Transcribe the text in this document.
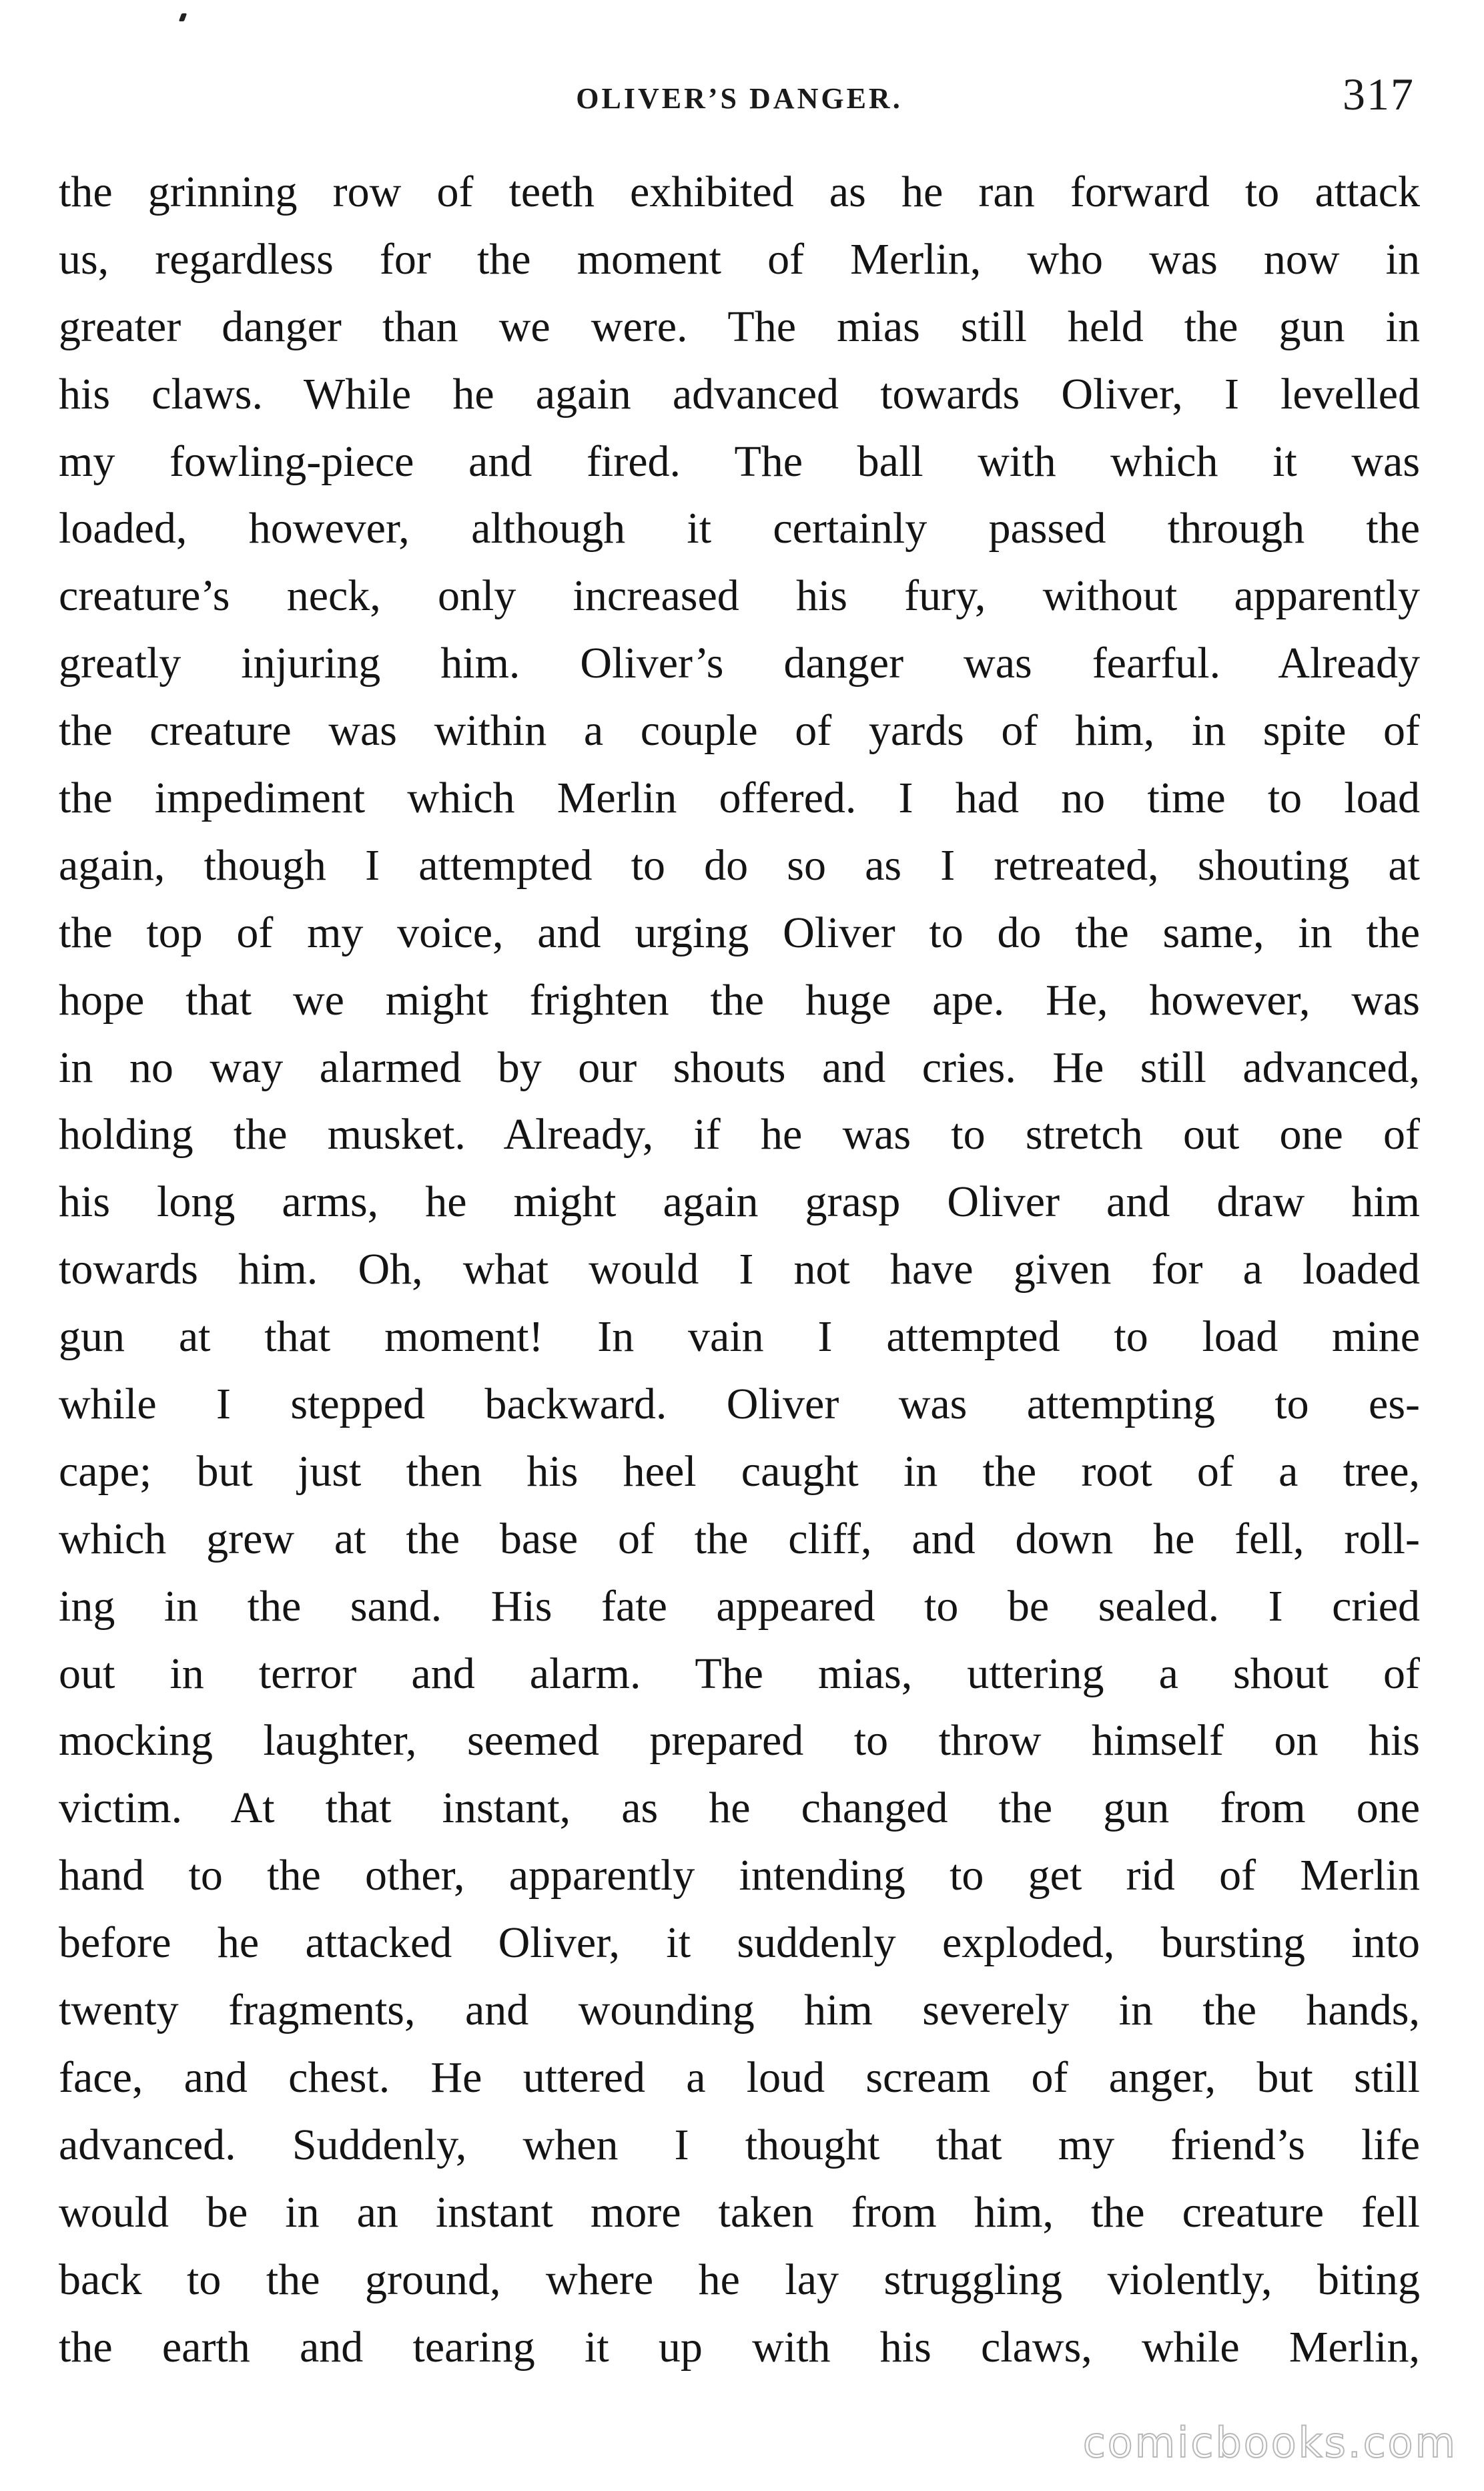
OLIVER’S DANGER.	317
the grinning row of teeth exhibited as he ran forward to attack
us, regardless for the moment of Merlin, who was now in
greater danger than we were. The mias still held the gun in
his claws. While he again advanced towards Oliver, I levelled
my fowling-piece and fired. The ball with which it was
loaded, however, although it certainly passed through the
creature’s neck, only increased his fury, without apparently
greatly injuring him. Oliver’s danger was fearful. Already
the creature was within a couple of yards of him, in spite of
the impediment which Merlin offered. I had no time to load
again, though I attempted to do so as I retreated, shouting at
the top of my voice, and urging Oliver to do the same, in the
hope that we might frighten the huge ape. He, however, was
in no way alarmed by our shouts and cries. He still advanced,
holding the musket. Already, if he was to stretch out one of
his long arms, he might again grasp Oliver and draw him
towards him. Oh, what would I not have given for a loaded
gun at that moment! In vain I attempted to load mine
while I stepped backward. Oliver was attempting to es-
cape; but just then his heel caught in the root of a tree,
which grew at the base of the cliff, and down he fell, roll-
ing in the sand. His fate appeared to be sealed. I cried
out in terror and alarm. The mias, uttering a shout of
mocking laughter, seemed prepared to throw himself on his
victim. At that instant, as he changed the gun from one
hand to the other, apparently intending to get rid of Merlin
before he attacked Oliver, it suddenly exploded, bursting into
twenty fragments, and wounding him severely in the hands,
face, and chest. He uttered a loud scream of anger, but still
advanced. Suddenly, when I thought that my friend’s life
would be in an instant more taken from him, the creature fell
back to the ground, where he lay struggling violently, biting
the earth and tearing it up with his claws, while Merlin,
comicbooks.com
